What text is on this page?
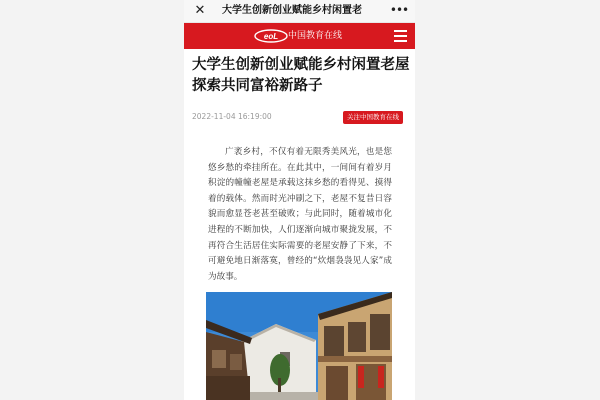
✕ 大学生创新创业赋能乡村闲置老	•••
eoL 中国教育在线
大学生创新创业赋能乡村闲置老屋探索共同富裕新路子
2022-11-04 16:19:00	关注中国教育在线
广袤乡村，不仅有着无限秀美风光，也是您悠乡愁的牵挂所在。在此其中，一间间有着岁月积淀的幢幢老屋是承载这抹乡愁的看得见、摸得着的载体。然而时光冲刷之下，老屋不复昔日容貌而愈显苍老甚至破败；与此同时，随着城市化进程的不断加快，人们逐渐向城市聚拢发展，不再符合生活居住实际需要的老屋安静了下来，不可避免地日渐落寞，曾经的“炊烟袅袅见人家”成为故事。
